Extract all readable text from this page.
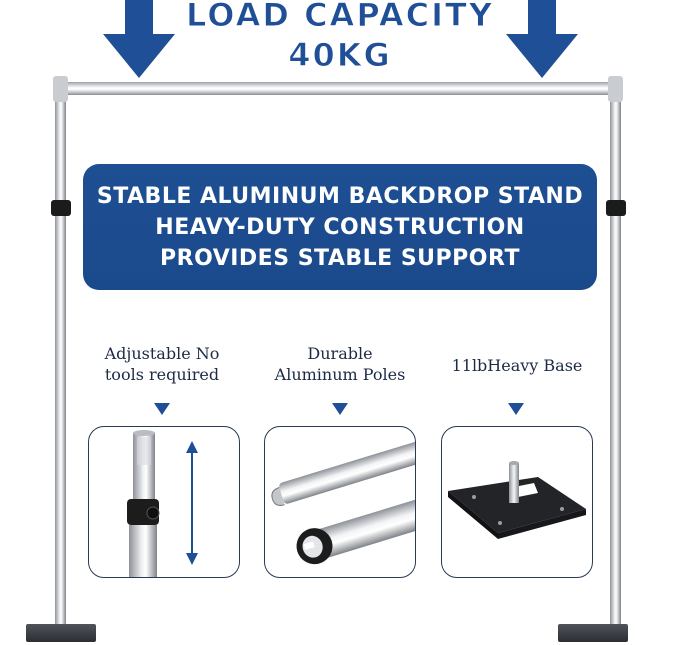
LOAD CAPACITY
40KG
STABLE ALUMINUM BACKDROP STAND
HEAVY-DUTY CONSTRUCTION
PROVIDES STABLE SUPPORT
Adjustable No
tools required
Durable
Aluminum Poles	11lbHeavy Base
